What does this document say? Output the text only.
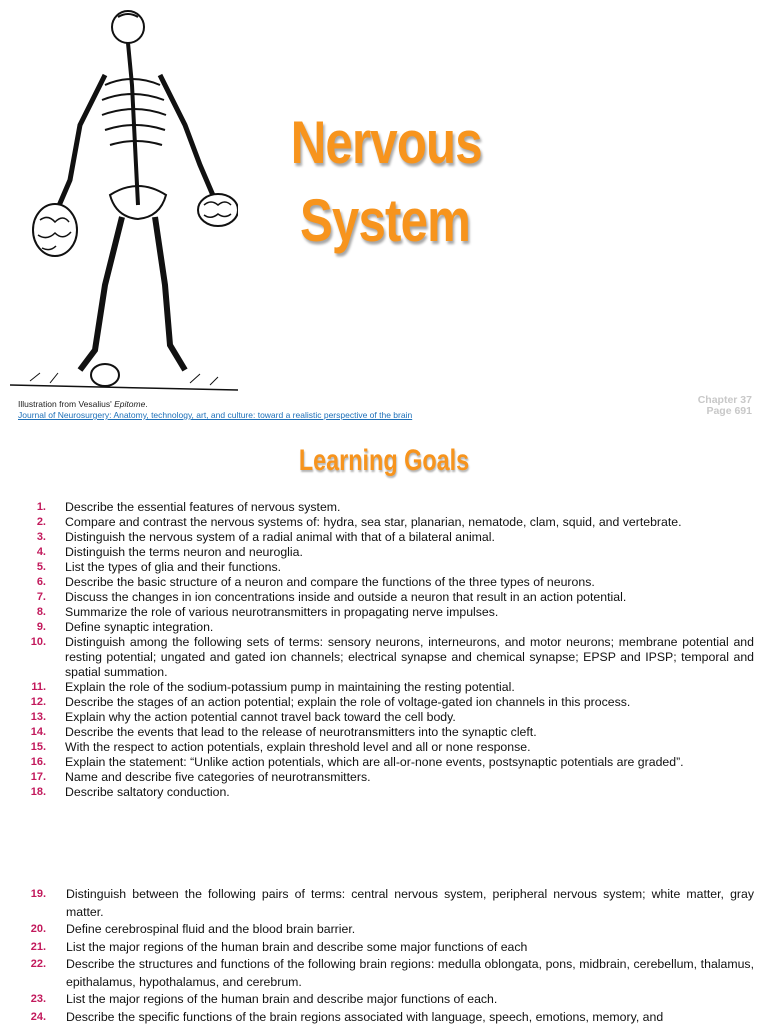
Illustration from Vesalius' Epitome.
Journal of Neurosurgery: Anatomy, technology, art, and culture: toward a realistic perspective of the brain
Nervous
System
Chapter 37
Page 691
Learning Goals
1. Describe the essential features of nervous system.
2. Compare and contrast the nervous systems of: hydra, sea star, planarian, nematode, clam, squid, and vertebrate.
3. Distinguish the nervous system of a radial animal with that of a bilateral animal.
4. Distinguish the terms neuron and neuroglia.
5. List the types of glia and their functions.
6. Describe the basic structure of a neuron and compare the functions of the three types of neurons.
7. Discuss the changes in ion concentrations inside and outside a neuron that result in an action potential.
8. Summarize the role of various neurotransmitters in propagating nerve impulses.
9. Define synaptic integration.
10. Distinguish among the following sets of terms: sensory neurons, interneurons, and motor neurons; membrane potential and resting potential; ungated and gated ion channels; electrical synapse and chemical synapse; EPSP and IPSP; temporal and spatial summation.
11. Explain the role of the sodium-potassium pump in maintaining the resting potential.
12. Describe the stages of an action potential; explain the role of voltage-gated ion channels in this process.
13. Explain why the action potential cannot travel back toward the cell body.
14. Describe the events that lead to the release of neurotransmitters into the synaptic cleft.
15. With the respect to action potentials, explain threshold level and all or none response.
16. Explain the statement: “Unlike action potentials, which are all-or-none events, postsynaptic potentials are graded”.
17. Name and describe five categories of neurotransmitters.
18. Describe saltatory conduction.
19. Distinguish between the following pairs of terms: central nervous system, peripheral nervous system; white matter, gray matter.
20. Define cerebrospinal fluid and the blood brain barrier.
21. List the major regions of the human brain and describe some major functions of each
22. Describe the structures and functions of the following brain regions: medulla oblongata, pons, midbrain, cerebellum, thalamus, epithalamus, hypothalamus, and cerebrum.
23. List the major regions of the human brain and describe major functions of each.
24. Describe the specific functions of the brain regions associated with language, speech, emotions, memory, and
